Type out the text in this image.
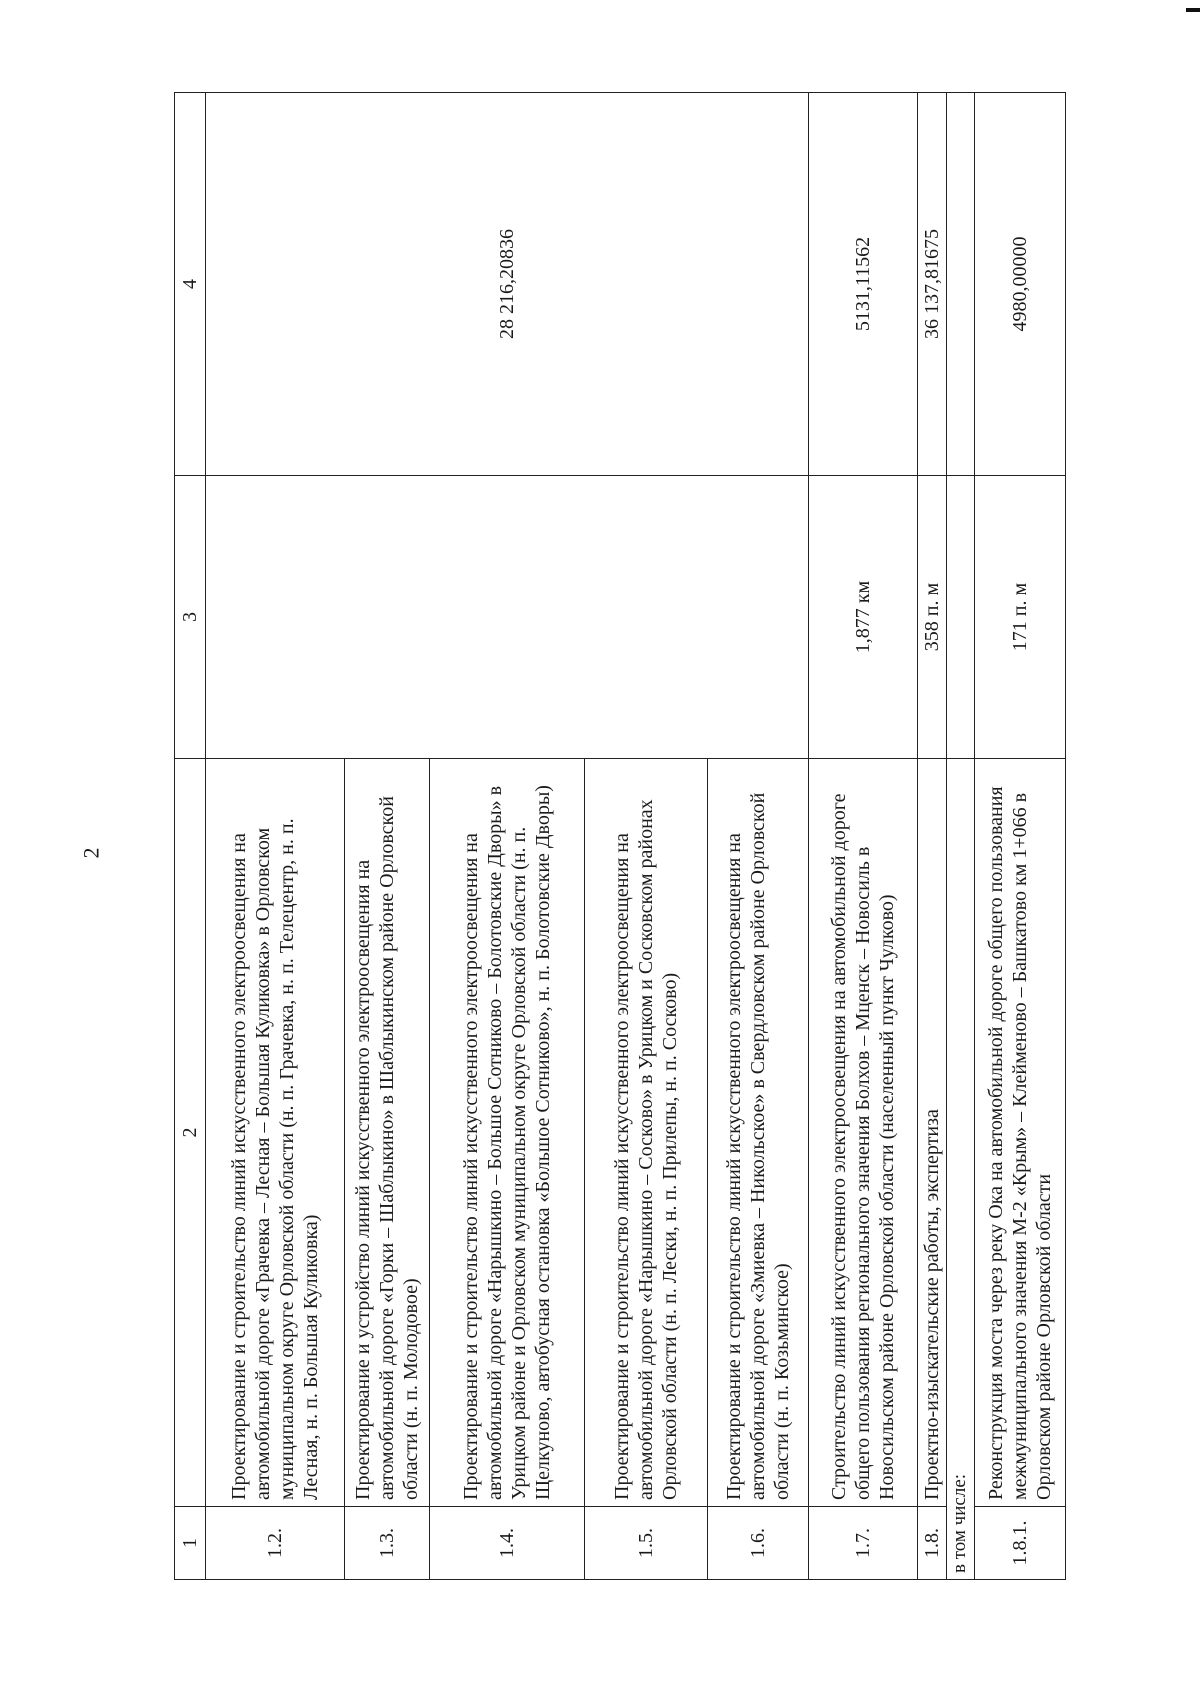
2
1	2	3	4
1.2.	Проектирование и строительство линий искусственного электроосвещения на автомобильной дороге «Грачевка – Лесная – Большая Куликовка» в Орловском муниципальном округе Орловской области (н. п. Грачевка, н. п. Телецентр, н. п. Лесная, н. п. Большая Куликовка)		28 216,20836
1.3.	Проектирование и устройство линий искусственного электроосвещения на автомобильной дороге «Горки – Шаблыкино» в Шаблыкинском районе Орловской области (н. п. Молодовое)		
1.4.	Проектирование и строительство линий искусственного электроосвещения на автомобильной дороге «Нарышкино – Большое Сотниково – Болотовские Дворы» в Урицком районе и Орловском муниципальном округе Орловской области (н. п. Щелкуново, автобусная остановка «Большое Сотниково», н. п. Болотовские Дворы)		
1.5.	Проектирование и строительство линий искусственного электроосвещения на автомобильной дороге «Нарышкино – Сосково» в Урицком и Сосковском районах Орловской области (н. п. Лески, н. п. Прилепы, н. п. Сосково)		
1.6.	Проектирование и строительство линий искусственного электроосвещения на автомобильной дороге «Змиевка – Никольское» в Свердловском районе Орловской области (н. п. Козьминское)		
1.7.	Строительство линий искусственного электроосвещения на автомобильной дороге общего пользования регионального значения Болхов – Мценск – Новосиль в Новосильском районе Орловской области (населенный пункт Чулково)	1,877 км	5131,11562
1.8.	Проектно-изыскательские работы, экспертиза	358 п. м	36 137,81675
в том числе:			
1.8.1.	Реконструкция моста через реку Ока на автомобильной дороге общего пользования межмуниципального значения М-2 «Крым» – Клейменово – Башкатово км 1+066 в Орловском районе Орловской области	171 п. м	4980,00000
